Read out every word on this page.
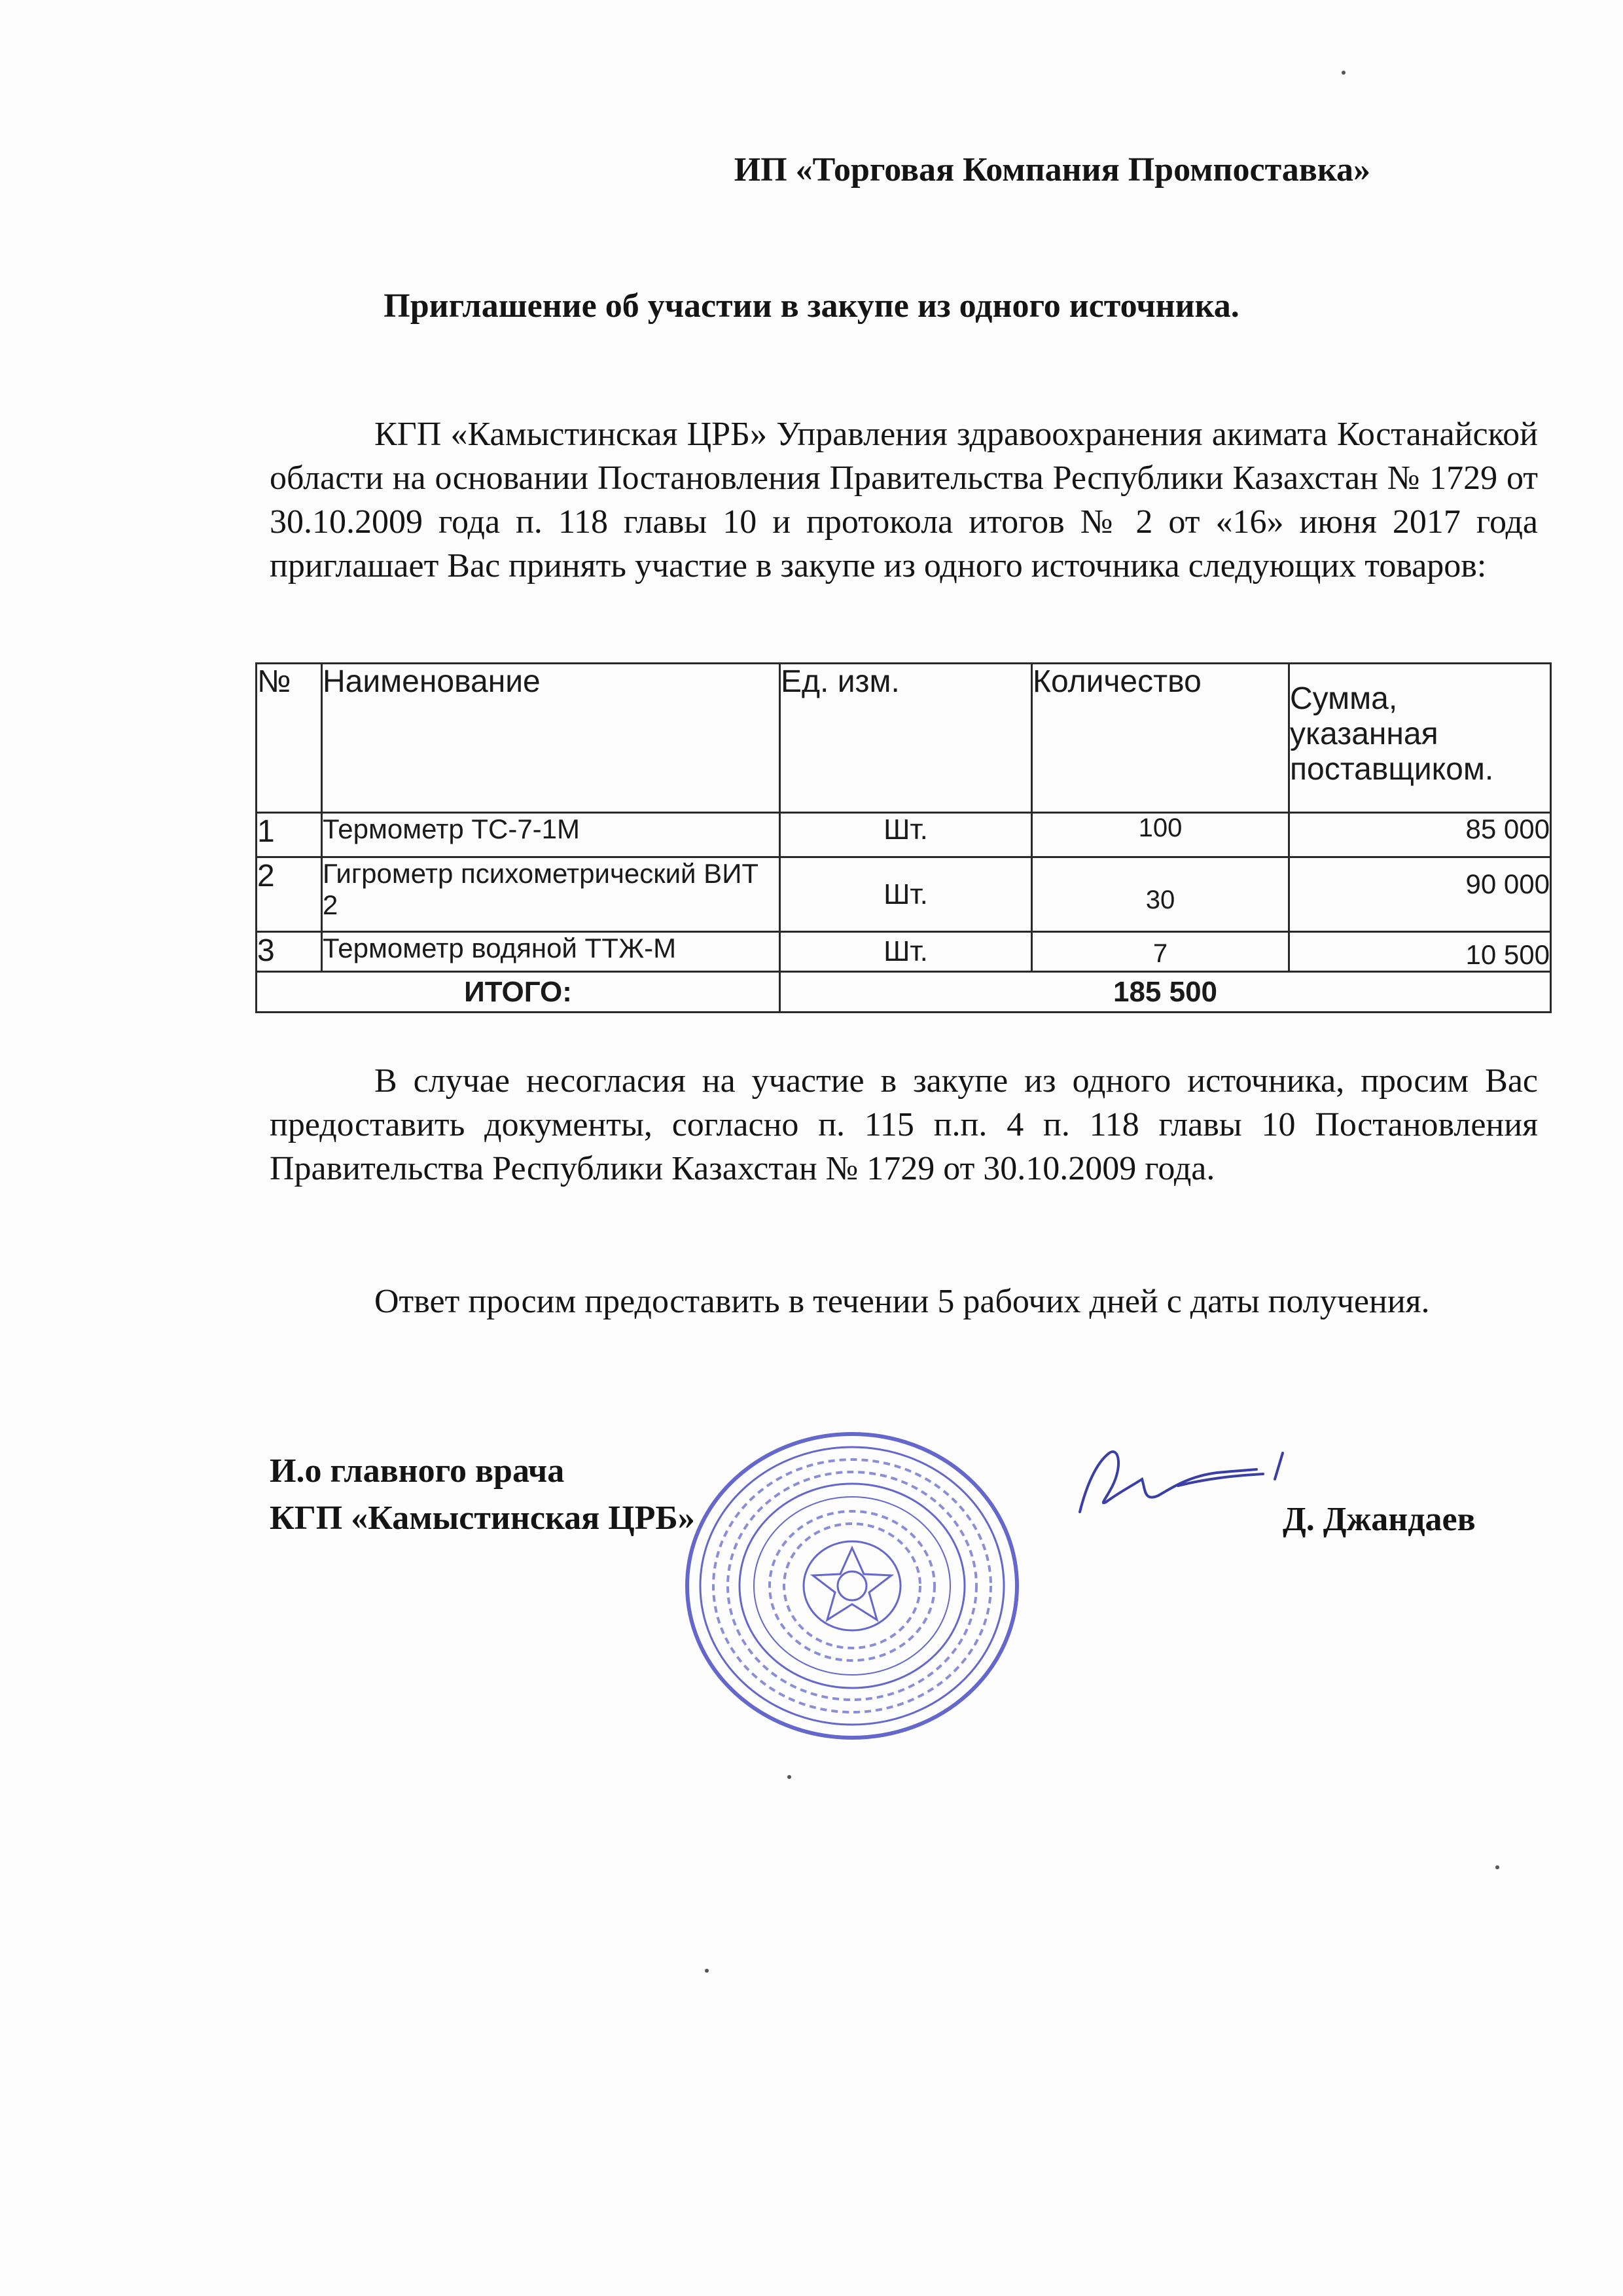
ИП «Торговая Компания Промпоставка»
Приглашение об участии в закупе из одного источника.

КГП «Камыстинская ЦРБ» Управления здравоохранения акимата Костанайской области на основании Постановления Правительства Республики Казахстан № 1729 от 30.10.2009 года п. 118 главы 10 и протокола итогов № 2 от «16» июня 2017 года приглашает Вас принять участие в закупе из одного источника следующих товаров:

№	Наименование	Ед. изм.	Количество	Сумма, указанная поставщиком.
1	Термометр ТС-7-1М	Шт.	100	85 000
2	Гигрометр психометрический ВИТ 2	Шт.	30	90 000
3	Термометр водяной ТТЖ-М	Шт.	7	10 500
ИТОГО:		185 500		

В случае несогласия на участие в закупе из одного источника, просим Вас предоставить документы, согласно п. 115 п.п. 4 п. 118 главы 10 Постановления Правительства Республики Казахстан № 1729 от 30.10.2009 года.

Ответ просим предоставить в течении 5 рабочих дней с даты получения.

И.о главного врача
КГП «Камыстинская ЦРБ»	Д. Джандаев
